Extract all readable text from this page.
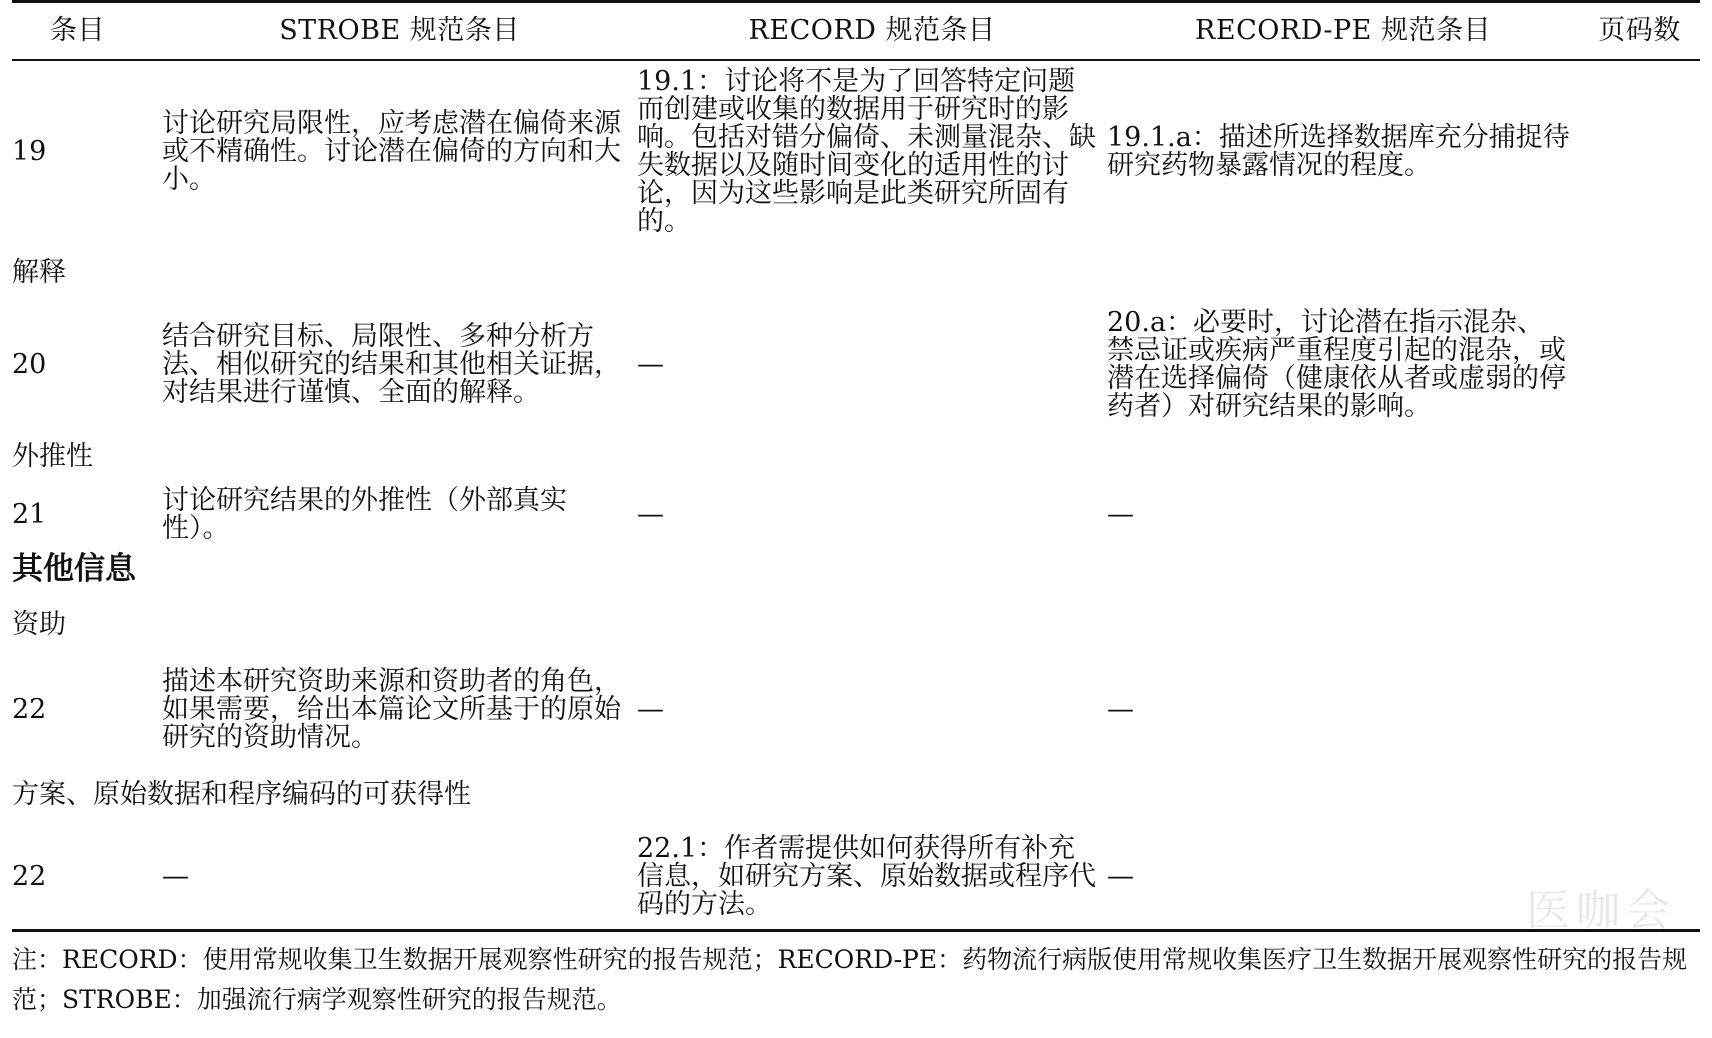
条目	STROBE 规范条目	RECORD 规范条目	RECORD-PE 规范条目	页码数
19	讨论研究局限性，应考虑潜在偏倚来源或不精确性。讨论潜在偏倚的方向和大小。	19.1：讨论将不是为了回答特定问题而创建或收集的数据用于研究时的影响。包括对错分偏倚、未测量混杂、缺失数据以及随时间变化的适用性的讨论，因为这些影响是此类研究所固有的。	19.1.a：描述所选择数据库充分捕捉待研究药物暴露情况的程度。	
解释				
20	结合研究目标、局限性、多种分析方法、相似研究的结果和其他相关证据，对结果进行谨慎、全面的解释。	—	20.a：必要时，讨论潜在指示混杂、禁忌证或疾病严重程度引起的混杂，或潜在选择偏倚（健康依从者或虚弱的停药者）对研究结果的影响。	
外推性				
21	讨论研究结果的外推性（外部真实性）。	—	—	
其他信息				
资助				
22	描述本研究资助来源和资助者的角色，如果需要，给出本篇论文所基于的原始研究的资助情况。	—	—	
方案、原始数据和程序编码的可获得性				
22	—	22.1：作者需提供如何获得所有补充信息，如研究方案、原始数据或程序代码的方法。	—	
注：RECORD：使用常规收集卫生数据开展观察性研究的报告规范；RECORD-PE：药物流行病版使用常规收集医疗卫生数据开展观察性研究的报告规范；STROBE：加强流行病学观察性研究的报告规范。
医咖会
